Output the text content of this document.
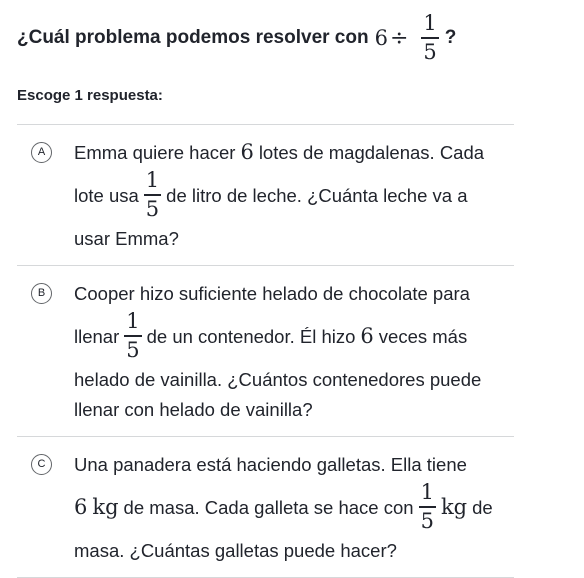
¿Cuál problema podemos resolver con $6 \div \frac{1}{5}$ ?
Escoge 1 respuesta:
A	Emma quiere hacer 6 lotes de magdalenas. Cada
lote usa $\frac{1}{5}$ de litro de leche. ¿Cuánta leche va a
usar Emma?
B	Cooper hizo suficiente helado de chocolate para
llenar $\frac{1}{5}$ de un contenedor. Él hizo 6 veces más
helado de vainilla. ¿Cuántos contenedores puede
llenar con helado de vainilla?
C	Una panadera está haciendo galletas. Ella tiene
6 kg de masa. Cada galleta se hace con $\frac{1}{5}$ kg de
masa. ¿Cuántas galletas puede hacer?
